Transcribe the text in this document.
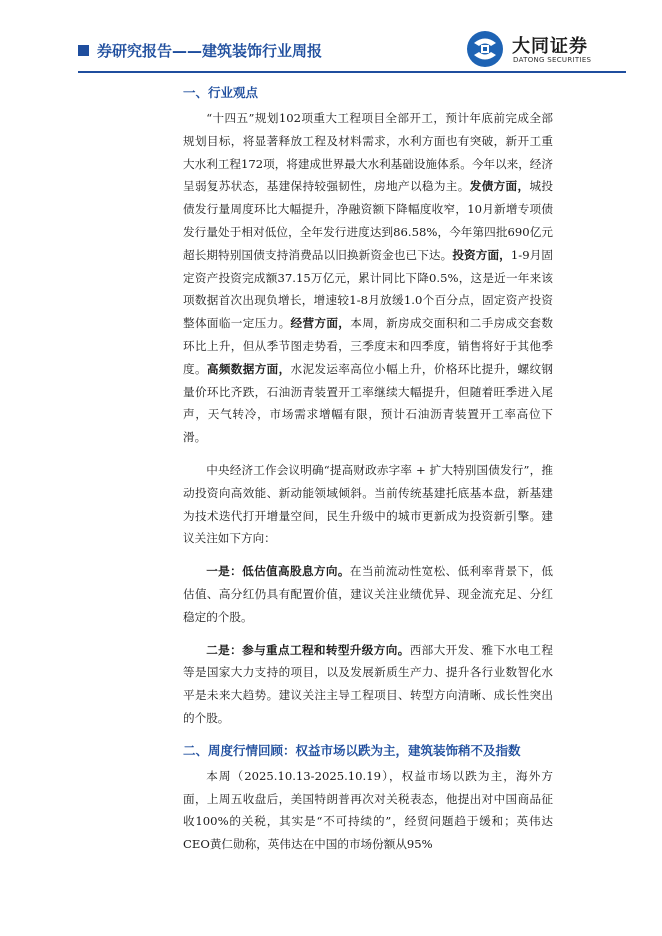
券研究报告——建筑装饰行业周报	大同证券
DATONG SECURITIES
一、行业观点

“十四五”规划102项重大工程项目全部开工，预计年底前完成全部规划目标，将显著释放工程及材料需求，水利方面也有突破，新开工重大水利工程172项，将建成世界最大水利基础设施体系。今年以来，经济呈弱复苏状态，基建保持较强韧性，房地产以稳为主。发债方面，城投债发行量周度环比大幅提升，净融资额下降幅度收窄，10月新增专项债发行量处于相对低位，全年发行进度达到86.58%，今年第四批690亿元超长期特别国债支持消费品以旧换新资金也已下达。投资方面，1-9月固定资产投资完成额37.15万亿元，累计同比下降0.5%，这是近一年来该项数据首次出现负增长，增速较1-8月放缓1.0个百分点，固定资产投资整体面临一定压力。经营方面，本周，新房成交面积和二手房成交套数环比上升，但从季节图走势看，三季度末和四季度，销售将好于其他季度。高频数据方面，水泥发运率高位小幅上升，价格环比提升，螺纹钢量价环比齐跌，石油沥青装置开工率继续大幅提升，但随着旺季进入尾声，天气转冷，市场需求增幅有限，预计石油沥青装置开工率高位下滑。

中央经济工作会议明确“提高财政赤字率 + 扩大特别国债发行”，推动投资向高效能、新动能领域倾斜。当前传统基建托底基本盘，新基建为技术迭代打开增量空间，民生升级中的城市更新成为投资新引擎。建议关注如下方向：

一是：低估值高股息方向。在当前流动性宽松、低利率背景下，低估值、高分红仍具有配置价值，建议关注业绩优异、现金流充足、分红稳定的个股。

二是：参与重点工程和转型升级方向。西部大开发、雅下水电工程等是国家大力支持的项目，以及发展新质生产力、提升各行业数智化水平是未来大趋势。建议关注主导工程项目、转型方向清晰、成长性突出的个股。

二、周度行情回顾：权益市场以跌为主，建筑装饰稍不及指数

本周（2025.10.13-2025.10.19），权益市场以跌为主，海外方面，上周五收盘后，美国特朗普再次对关税表态，他提出对中国商品征收100%的关税，其实是“不可持续的”，经贸问题趋于缓和；英伟达CEO黄仁勋称，英伟达在中国的市场份额从95%
